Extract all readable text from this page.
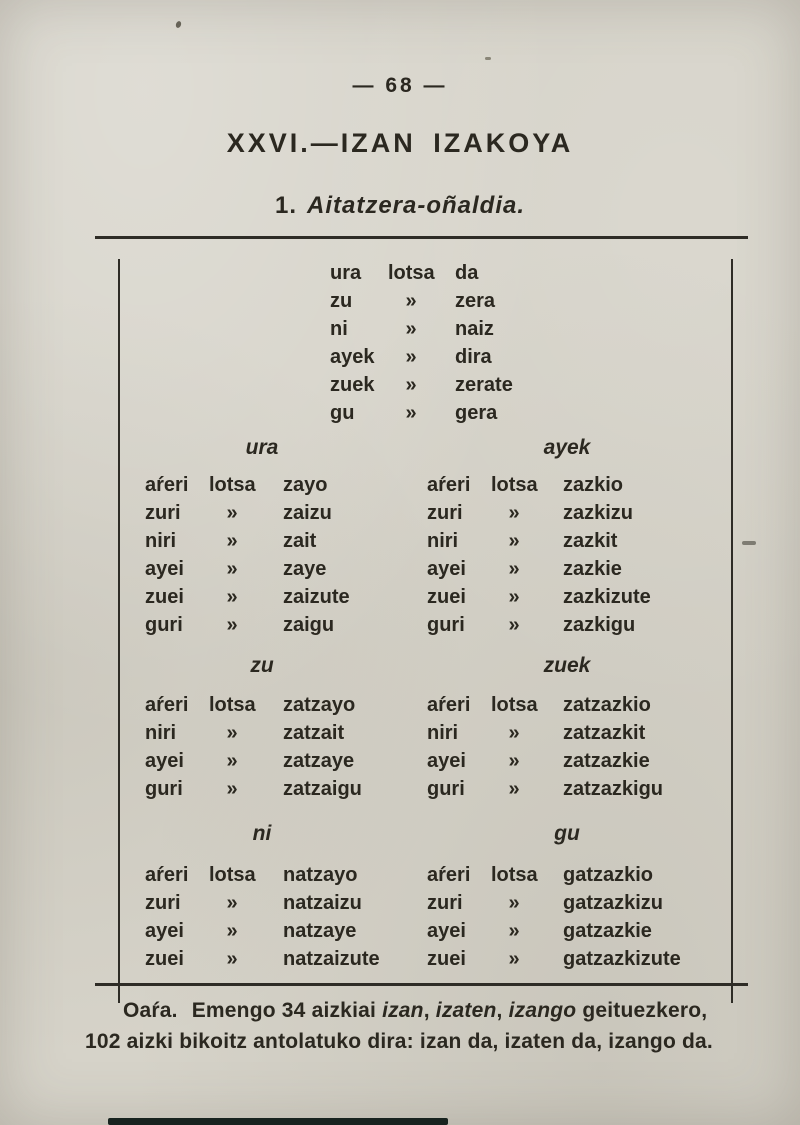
— 68 —
XXVI.—IZAN IZAKOYA
1. Aitatzera-oñaldia.
ura	lotsa da
zu	»	zera
ni	»	naiz
ayek	»	dira
zuek	»	zerate
gu	»	gera
ura	ayek
aŕeri	lotsa zayo	aŕeri	lotsa zazkio
zuri	»	zaizu	zuri	»	zazkizu
niri	»	zait	niri	»	zazkit
ayei	»	zaye	ayei	»	zazkie
zuei	»	zaizute	zuei	»	zazkizute
guri	»	zaigu	guri	»	zazkigu
zu	zuek
aŕeri	lotsa zatzayo	aŕeri	lotsa zatzazkio
niri	»	zatzait	niri	»	zatzazkit
ayei	»	zatzaye	ayei	»	zatzazkie
guri	»	zatzaigu	guri	»	zatzazkigu
ni	gu
aŕeri	lotsa natzayo	aŕeri	lotsa gatzazkio
zuri	»	natzaizu	zuri	»	gatzazkizu
ayei	»	natzaye	ayei	»	gatzazkie
zuei	»	natzaizute	zuei	»	gatzazkizute
Oaŕa. Emengo 34 aizkiai izan, izaten, izango geituezkero,
102 aizki bikoitz antolatuko dira: izan da, izaten da, izango da.
